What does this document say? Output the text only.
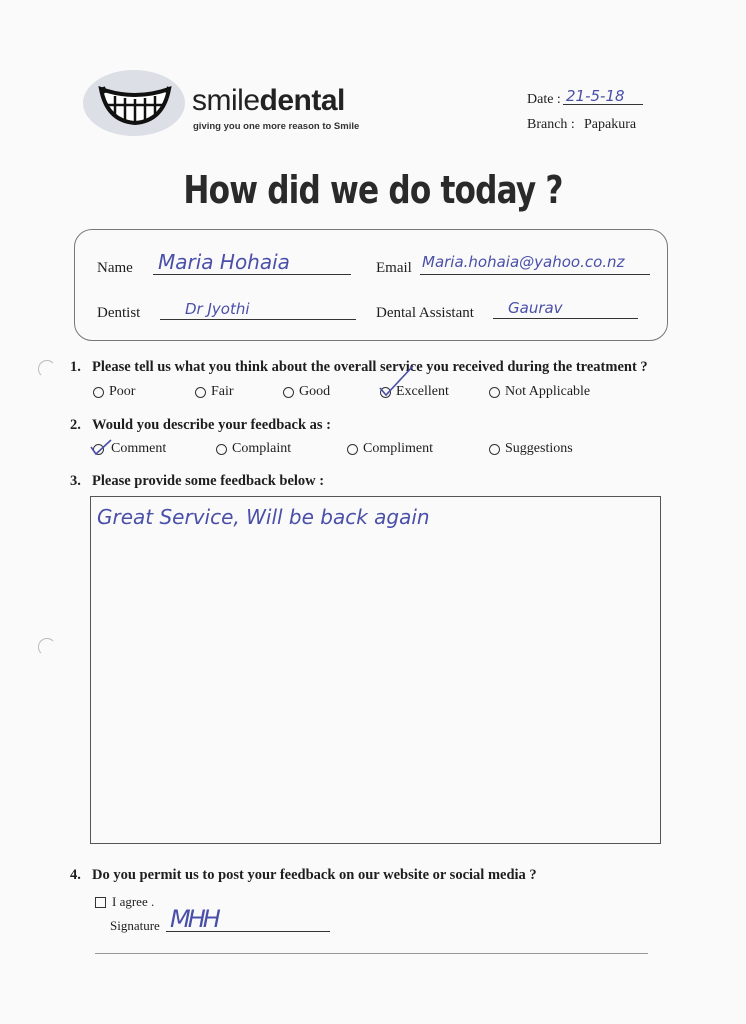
smiledental
giving you one more reason to Smile
Date : 21-5-18
Branch : Papakura
How did we do today ?
Name Maria Hohaia	Email Maria.hohaia@yahoo.co.nz
Dentist	Dr Jyothi	Dental Assistant Gaurav
1. Please tell us what you think about the overall service you received during the treatment ?
Poor	Fair	Good	Excellent	Not Applicable
2. Would you describe your feedback as :
Comment	Complaint	Compliment	Suggestions
3. Please provide some feedback below :
Great Service, Will be back again
4. Do you permit us to post your feedback on our website or social media ?
I agree .
Signature MHH
